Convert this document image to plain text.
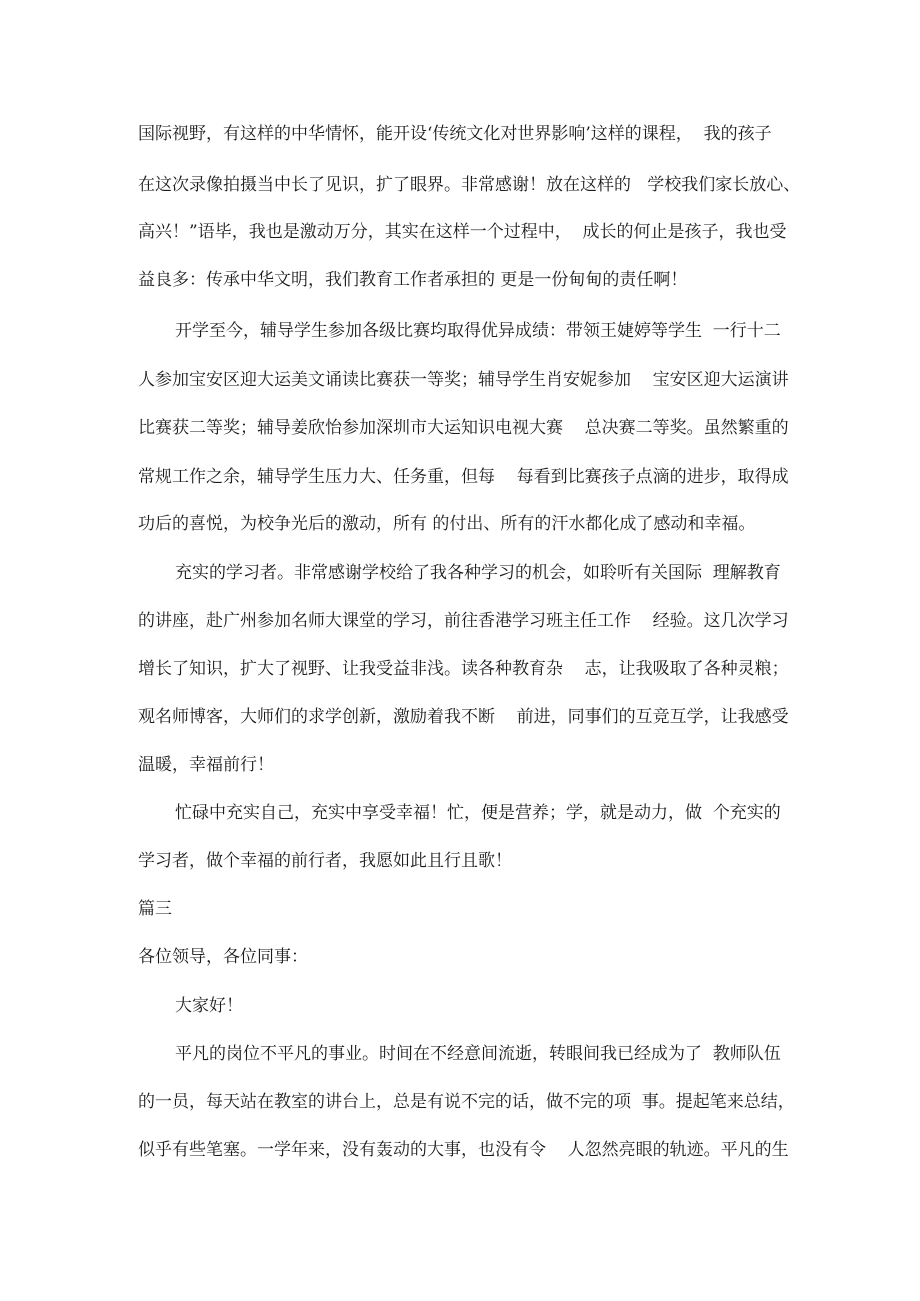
国际视野，有这样的中华情怀，能开设‘传统文化对世界影响’这样的课程，  我的孩子

在这次录像拍摄当中长了见识，扩了眼界。非常感谢！放在这样的   学校我们家长放心、

高兴！”语毕，我也是激动万分，其实在这样一个过程中，  成长的何止是孩子，我也受

益良多：传承中华文明，我们教育工作者承担的 更是一份甸甸的责任啊！

开学至今，辅导学生参加各级比赛均取得优异成绩：带领王婕婷等学生  一行十二

人参加宝安区迎大运美文诵读比赛获一等奖；辅导学生肖安妮参加    宝安区迎大运演讲

比赛获二等奖；辅导姜欣怡参加深圳市大运知识电视大赛    总决赛二等奖。虽然繁重的

常规工作之余，辅导学生压力大、任务重，但每    每看到比赛孩子点滴的进步，取得成

功后的喜悦，为校争光后的激动，所有 的付出、所有的汗水都化成了感动和幸福。

充实的学习者。非常感谢学校给了我各种学习的机会，如聆听有关国际  理解教育

的讲座，赴广州参加名师大课堂的学习，前往香港学习班主任工作    经验。这几次学习

增长了知识，扩大了视野、让我受益非浅。读各种教育杂    志，让我吸取了各种灵粮；

观名师博客，大师们的求学创新，激励着我不断    前进，同事们的互竞互学，让我感受

温暖，幸福前行！

忙碌中充实自己，充实中享受幸福！忙，便是营养；学，就是动力，做  个充实的

学习者，做个幸福的前行者，我愿如此且行且歌！

篇三

各位领导，各位同事：

大家好！

平凡的岗位不平凡的事业。时间在不经意间流逝，转眼间我已经成为了  教师队伍

的一员，每天站在教室的讲台上，总是有说不完的话，做不完的项  事。提起笔来总结，

似乎有些笔塞。一学年来，没有轰动的大事，也没有令    人忽然亮眼的轨迹。平凡的生
